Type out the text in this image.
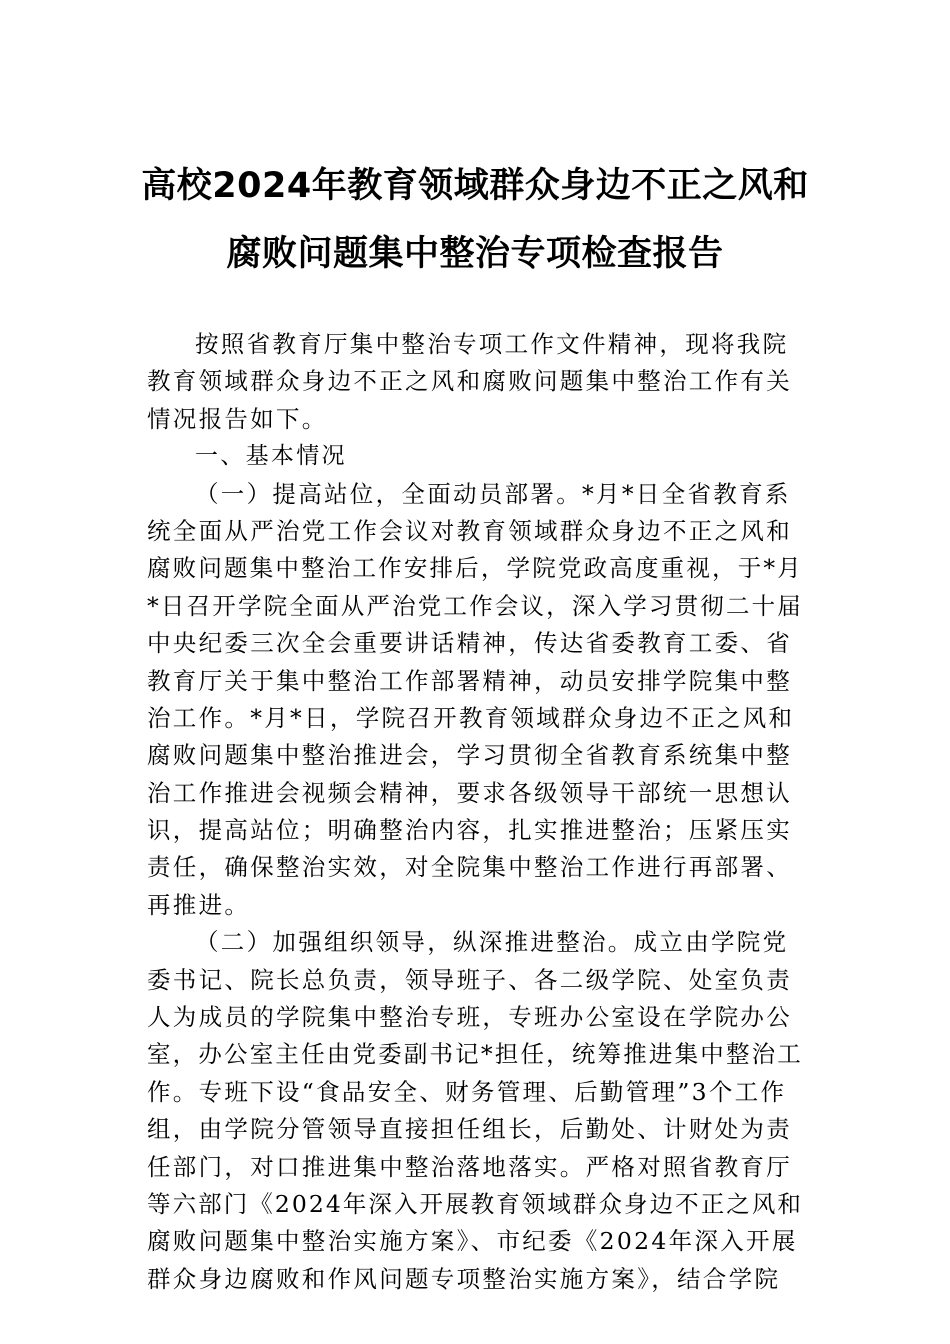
高校2024年教育领域群众身边不正之风和
腐败问题集中整治专项检查报告
按照省教育厅集中整治专项工作文件精神，现将我院
教育领域群众身边不正之风和腐败问题集中整治工作有关
情况报告如下。
一、基本情况
（一）提高站位，全面动员部署。*月*日全省教育系
统全面从严治党工作会议对教育领域群众身边不正之风和
腐败问题集中整治工作安排后，学院党政高度重视，于*月
*日召开学院全面从严治党工作会议，深入学习贯彻二十届
中央纪委三次全会重要讲话精神，传达省委教育工委、省
教育厅关于集中整治工作部署精神，动员安排学院集中整
治工作。*月*日，学院召开教育领域群众身边不正之风和
腐败问题集中整治推进会，学习贯彻全省教育系统集中整
治工作推进会视频会精神，要求各级领导干部统一思想认
识，提高站位；明确整治内容，扎实推进整治；压紧压实
责任，确保整治实效，对全院集中整治工作进行再部署、
再推进。
（二）加强组织领导，纵深推进整治。成立由学院党
委书记、院长总负责，领导班子、各二级学院、处室负责
人为成员的学院集中整治专班，专班办公室设在学院办公
室，办公室主任由党委副书记*担任，统筹推进集中整治工
作。专班下设“食品安全、财务管理、后勤管理”3个工作
组，由学院分管领导直接担任组长，后勤处、计财处为责
任部门，对口推进集中整治落地落实。严格对照省教育厅
等六部门《2024年深入开展教育领域群众身边不正之风和
腐败问题集中整治实施方案》、市纪委《2024年深入开展
群众身边腐败和作风问题专项整治实施方案》，结合学院
